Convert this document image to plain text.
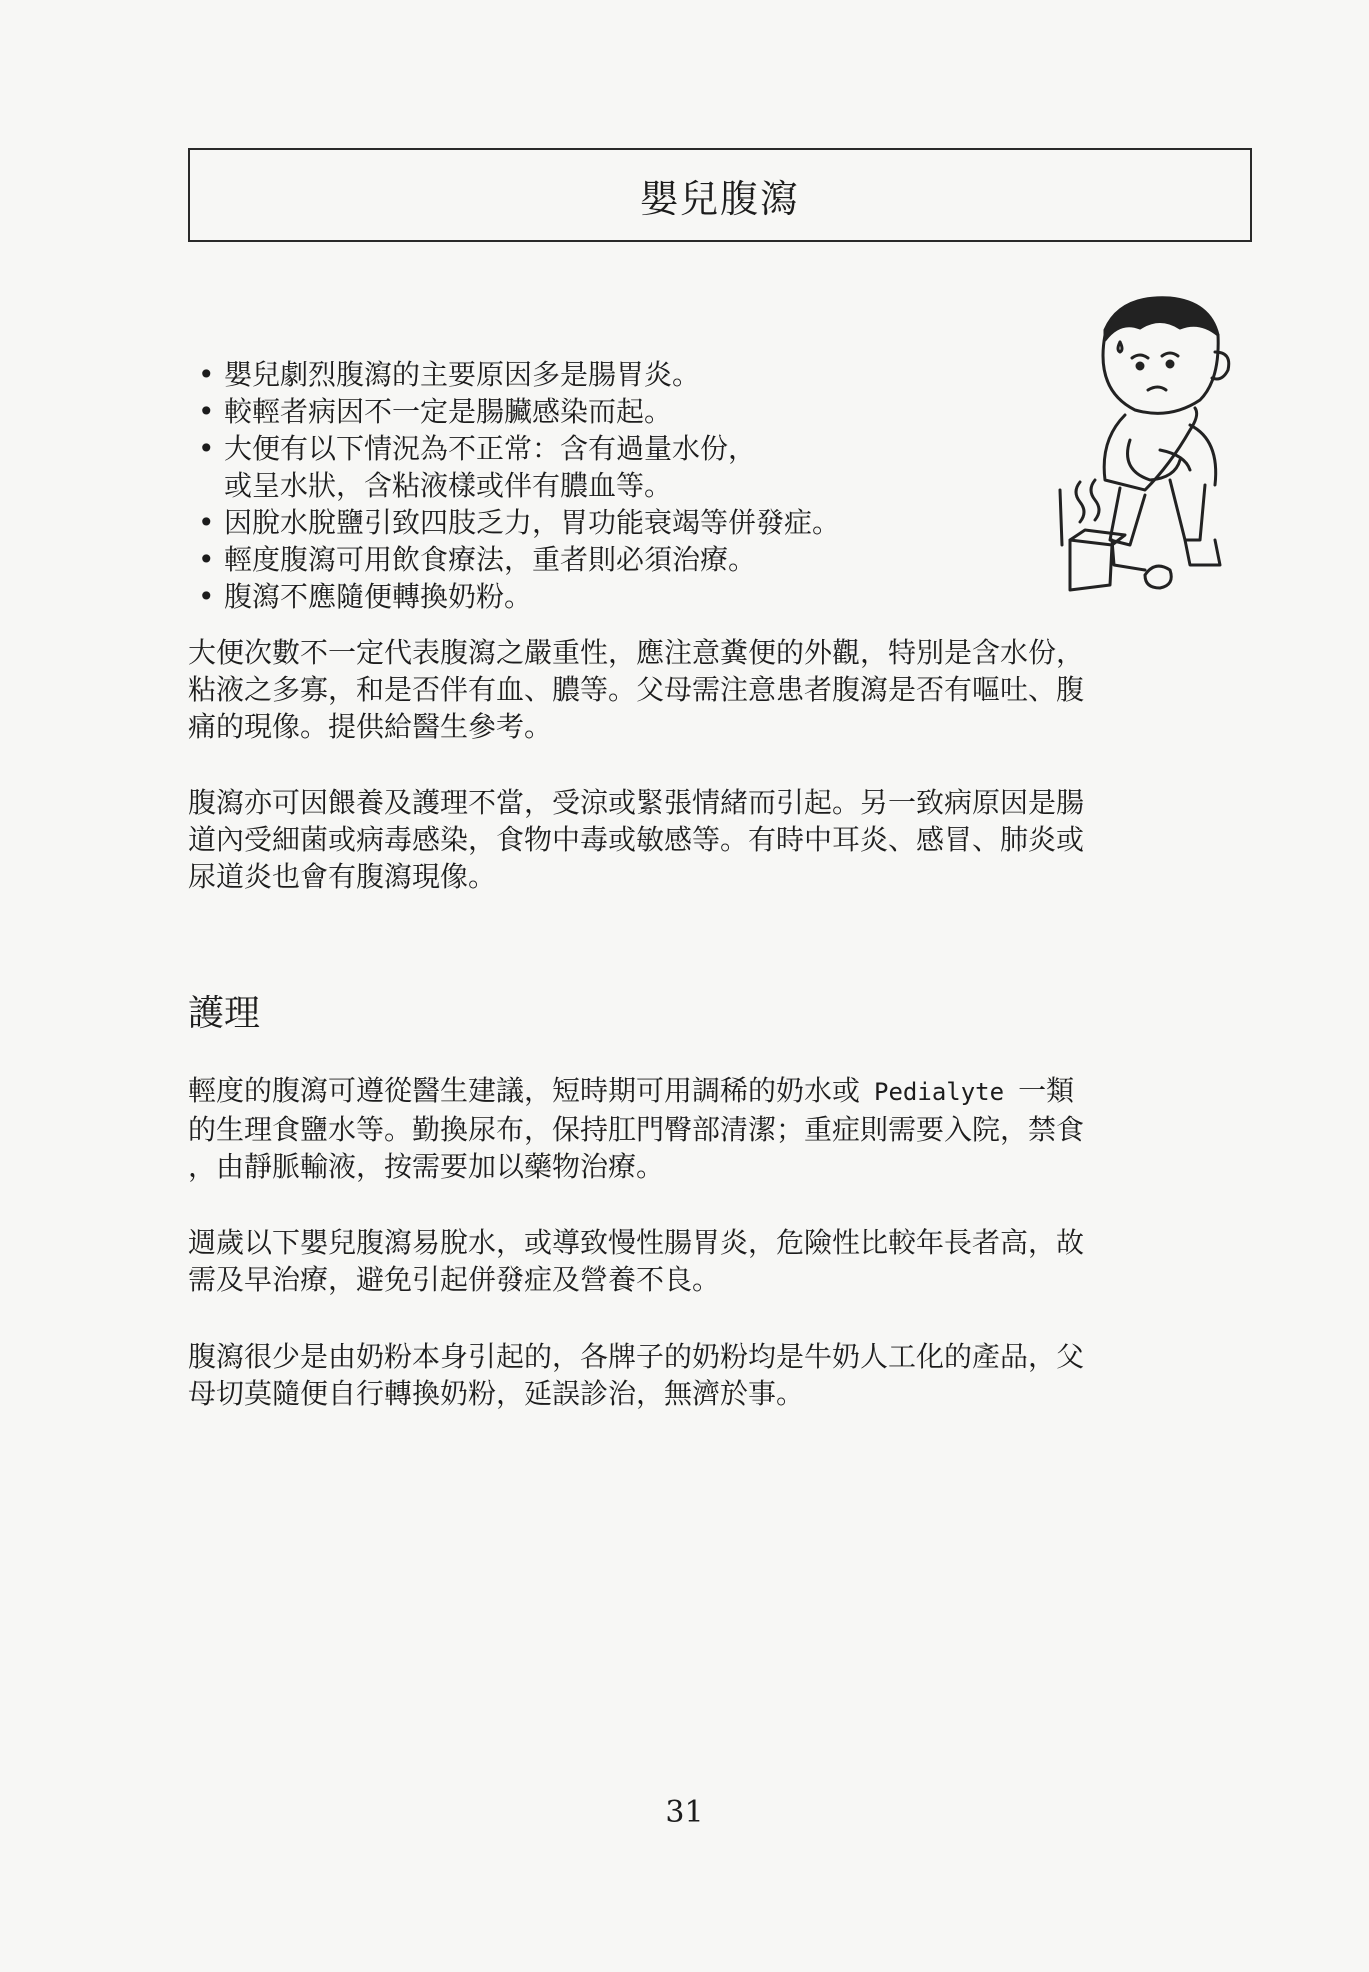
嬰兒腹瀉
• 嬰兒劇烈腹瀉的主要原因多是腸胃炎。
• 較輕者病因不一定是腸臟感染而起。
• 大便有以下情況為不正常：含有過量水份，
或呈水狀，含粘液樣或伴有膿血等。
• 因脫水脫鹽引致四肢乏力，胃功能衰竭等併發症。
• 輕度腹瀉可用飲食療法，重者則必須治療。
• 腹瀉不應隨便轉換奶粉。

大便次數不一定代表腹瀉之嚴重性，應注意糞便的外觀，特別是含水份，
粘液之多寡，和是否伴有血、膿等。父母需注意患者腹瀉是否有嘔吐、腹
痛的現像。提供給醫生參考。

腹瀉亦可因餵養及護理不當，受涼或緊張情緒而引起。另一致病原因是腸
道內受細菌或病毒感染，食物中毒或敏感等。有時中耳炎、感冒、肺炎或
尿道炎也會有腹瀉現像。

護理

輕度的腹瀉可遵從醫生建議，短時期可用調稀的奶水或 Pedialyte 一類
的生理食鹽水等。勤換尿布，保持肛門臀部清潔；重症則需要入院，禁食
，由靜脈輸液，按需要加以藥物治療。

週歲以下嬰兒腹瀉易脫水，或導致慢性腸胃炎，危險性比較年長者高，故
需及早治療，避免引起併發症及營養不良。

腹瀉很少是由奶粉本身引起的，各牌子的奶粉均是牛奶人工化的產品，父
母切莫隨便自行轉換奶粉，延誤診治，無濟於事。

31
